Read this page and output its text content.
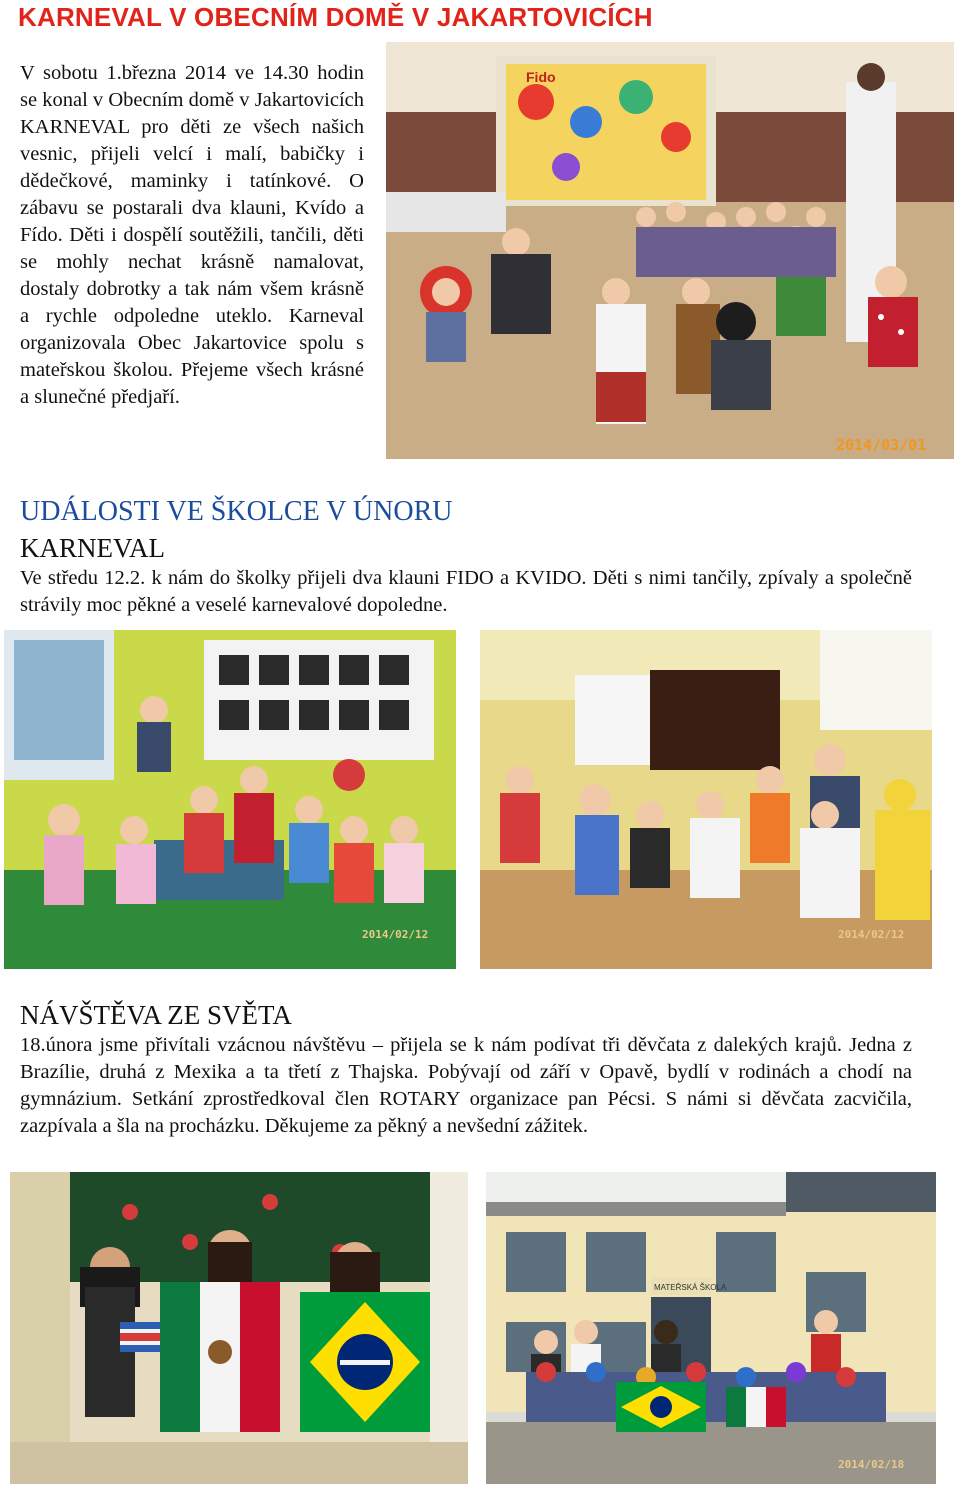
KARNEVAL V OBECNÍM DOMĚ V JAKARTOVICÍCH

V sobotu 1.března 2014 ve 14.30 hodin se konal v Obecním domě v Jakartovicích KARNEVAL pro děti ze všech našich vesnic, přijeli velcí i malí, babičky i dědečkové, maminky i tatínkové. O zábavu se postarali dva klauni, Kvído a Fído. Děti i dospělí soutěžili, tančili, děti se mohly nechat krásně namalovat, dostaly dobrotky a tak nám všem krásně a rychle odpoledne uteklo. Karneval organizovala Obec Jakartovice spolu s mateřskou školou. Přejeme všech krásné a slunečné předjaří.

Fido
2014/03/01
UDÁLOSTI VE ŠKOLCE V ÚNORU
KARNEVAL

Ve středu 12.2. k nám do školky přijeli dva klauni FIDO a KVIDO. Děti s nimi tančily, zpívaly a společně strávily moc pěkné a veselé karnevalové dopoledne.

2014/02/12	2014/02/12
NÁVŠTĚVA ZE SVĚTA

18.února jsme přivítali vzácnou návštěvu – přijela se k nám podívat tři děvčata z dalekých krajů. Jedna z Brazílie, druhá z Mexika a ta třetí z Thajska. Pobývají od září v Opavě, bydlí v rodinách a chodí na gymnázium. Setkání zprostředkoval člen ROTARY organizace pan Pécsi. S námi si děvčata zacvičila, zazpívala a šla na procházku. Děkujeme za pěkný a nevšední zážitek.

MATEŘSKÁ ŠKOLA
2014/02/18
